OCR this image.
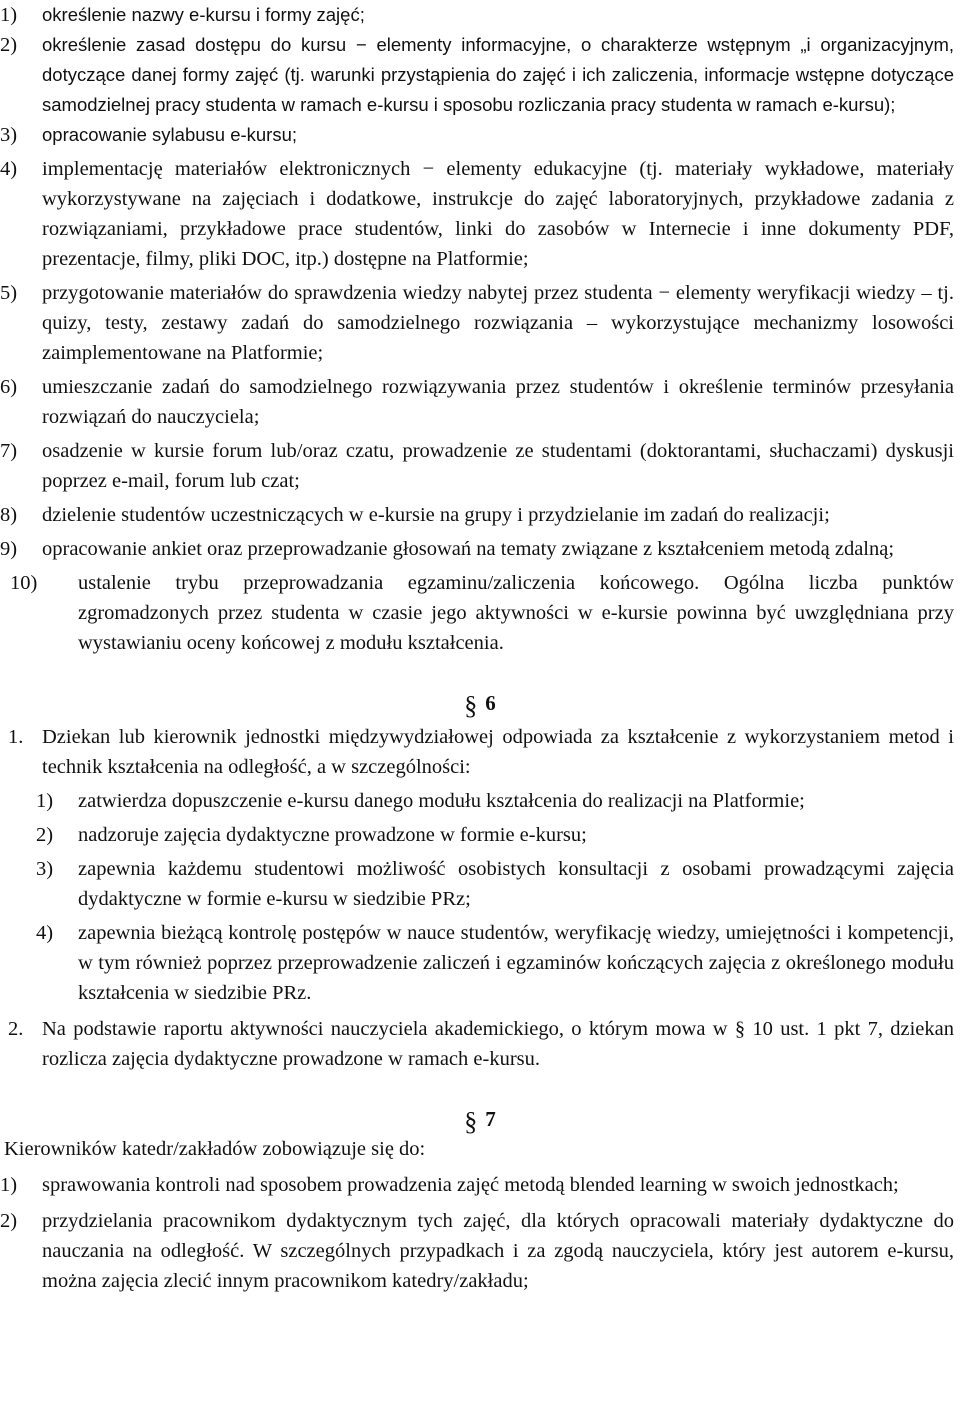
1) określenie nazwy e-kursu i formy zajęć;
2) określenie zasad dostępu do kursu − elementy informacyjne, o charakterze wstępnym „i organizacyjnym, dotyczące danej formy zajęć (tj. warunki przystąpienia do zajęć i ich zaliczenia, informacje wstępne dotyczące samodzielnej pracy studenta w ramach e-kursu i sposobu rozliczania pracy studenta w ramach e-kursu);
3) opracowanie sylabusu e-kursu;
4) implementację materiałów elektronicznych − elementy edukacyjne (tj. materiały wykładowe, materiały wykorzystywane na zajęciach i dodatkowe, instrukcje do zajęć laboratoryjnych, przykładowe zadania z rozwiązaniami, przykładowe prace studentów, linki do zasobów w Internecie i inne dokumenty PDF, prezentacje, filmy, pliki DOC, itp.) dostępne na Platformie;
5) przygotowanie materiałów do sprawdzenia wiedzy nabytej przez studenta − elementy weryfikacji wiedzy – tj. quizy, testy, zestawy zadań do samodzielnego rozwiązania – wykorzystujące mechanizmy losowości zaimplementowane na Platformie;
6) umieszczanie zadań do samodzielnego rozwiązywania przez studentów i określenie terminów przesyłania rozwiązań do nauczyciela;
7) osadzenie w kursie forum lub/oraz czatu, prowadzenie ze studentami (doktorantami, słuchaczami) dyskusji poprzez e-mail, forum lub czat;
8) dzielenie studentów uczestniczących w e-kursie na grupy i przydzielanie im zadań do realizacji;
9) opracowanie ankiet oraz przeprowadzanie głosowań na tematy związane z kształceniem metodą zdalną;
10) ustalenie trybu przeprowadzania egzaminu/zaliczenia końcowego. Ogólna liczba punktów zgromadzonych przez studenta w czasie jego aktywności w e-kursie powinna być uwzględniana przy wystawianiu oceny końcowej z modułu kształcenia.
§ 6
1. Dziekan lub kierownik jednostki międzywydziałowej odpowiada za kształcenie z wykorzystaniem metod i technik kształcenia na odległość, a w szczególności:
1) zatwierdza dopuszczenie e-kursu danego modułu kształcenia do realizacji na Platformie;
2) nadzoruje zajęcia dydaktyczne prowadzone w formie e-kursu;
3) zapewnia każdemu studentowi możliwość osobistych konsultacji z osobami prowadzącymi zajęcia dydaktyczne w formie e-kursu w siedzibie PRz;
4) zapewnia bieżącą kontrolę postępów w nauce studentów, weryfikację wiedzy, umiejętności i kompetencji, w tym również poprzez przeprowadzenie zaliczeń i egzaminów kończących zajęcia z określonego modułu kształcenia w siedzibie PRz.
2. Na podstawie raportu aktywności nauczyciela akademickiego, o którym mowa w § 10 ust. 1 pkt 7, dziekan rozlicza zajęcia dydaktyczne prowadzone w ramach e-kursu.
§ 7
Kierowników katedr/zakładów zobowiązuje się do:
1) sprawowania kontroli nad sposobem prowadzenia zajęć metodą blended learning w swoich jednostkach;
2) przydzielania pracownikom dydaktycznym tych zajęć, dla których opracowali materiały dydaktyczne do nauczania na odległość. W szczególnych przypadkach i za zgodą nauczyciela, który jest autorem e-kursu, można zajęcia zlecić innym pracownikom katedry/zakładu;
